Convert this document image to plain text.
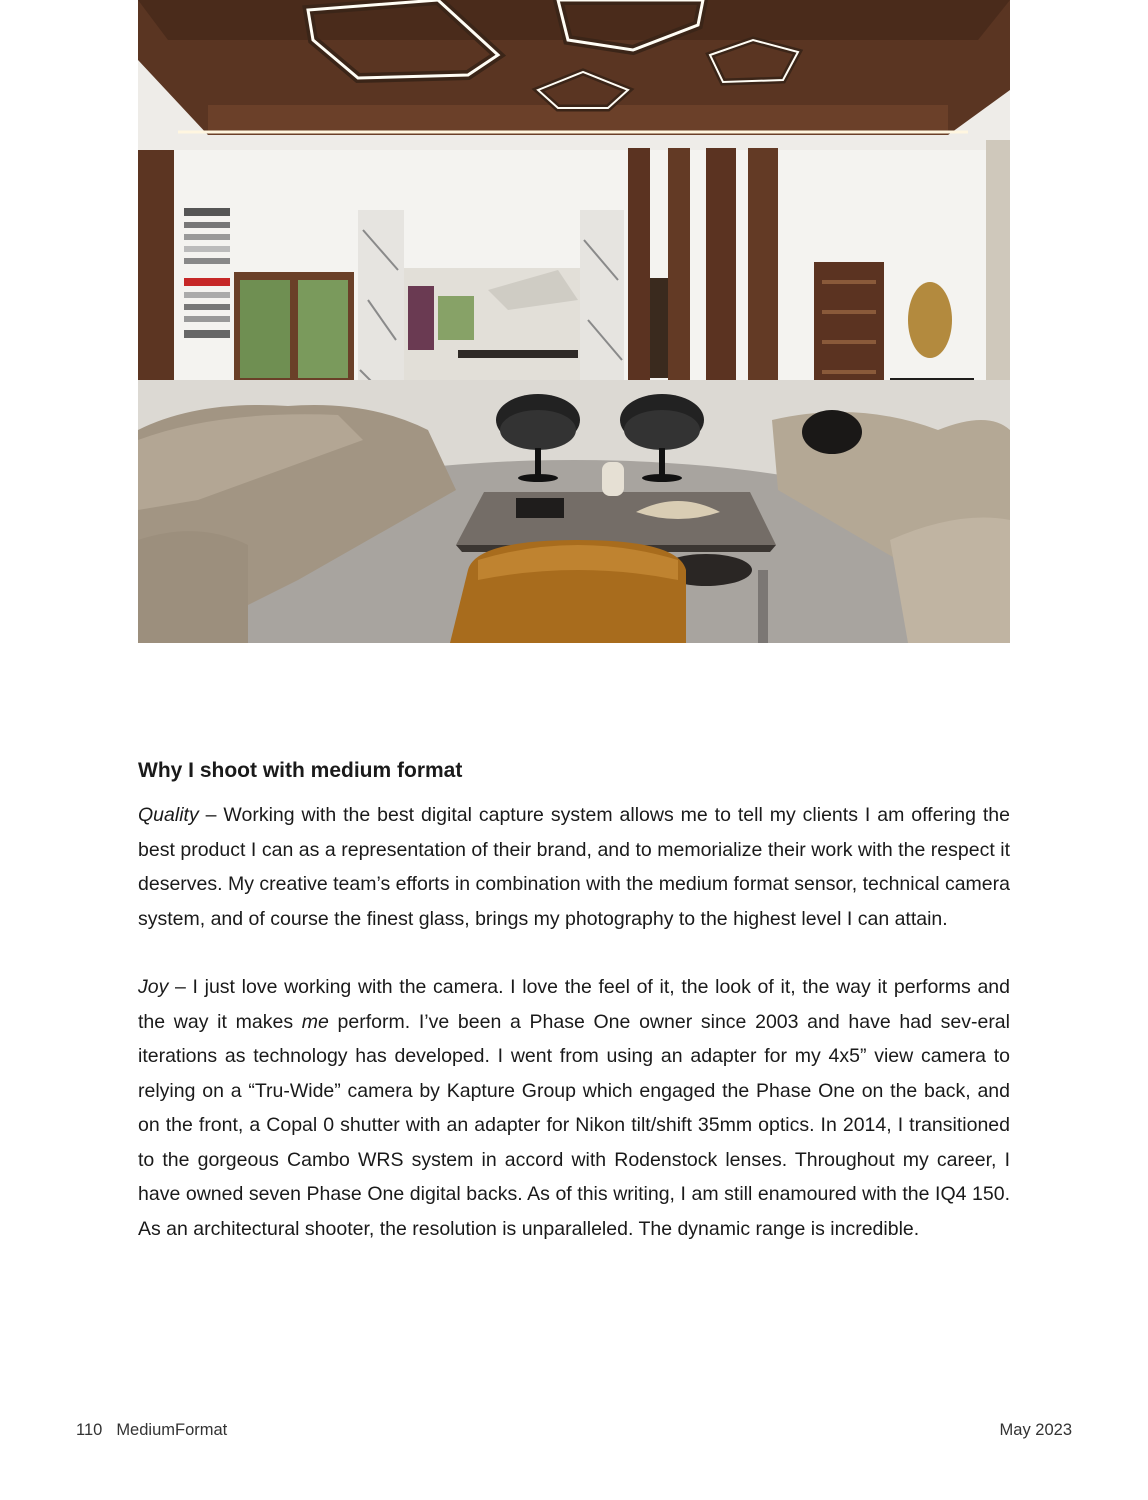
Why I shoot with medium format

Quality – Working with the best digital capture system allows me to tell my clients I am offering the best product I can as a representation of their brand, and to memorialize their work with the respect it deserves. My creative team’s efforts in combination with the medium format sensor, technical camera system, and of course the finest glass, brings my photography to the highest level I can attain.

Joy – I just love working with the camera. I love the feel of it, the look of it, the way it performs and the way it makes me perform. I’ve been a Phase One owner since 2003 and have had sev-eral iterations as technology has developed. I went from using an adapter for my 4x5” view camera to relying on a “Tru-Wide” camera by Kapture Group which engaged the Phase One on the back, and on the front, a Copal 0 shutter with an adapter for Nikon tilt/shift 35mm optics. In 2014, I transitioned to the gorgeous Cambo WRS system in accord with Rodenstock lenses. Throughout my career, I have owned seven Phase One digital backs. As of this writing, I am still enamoured with the IQ4 150. As an architectural shooter, the resolution is unparalleled. The dynamic range is incredible.

110 MediumFormat	May 2023
